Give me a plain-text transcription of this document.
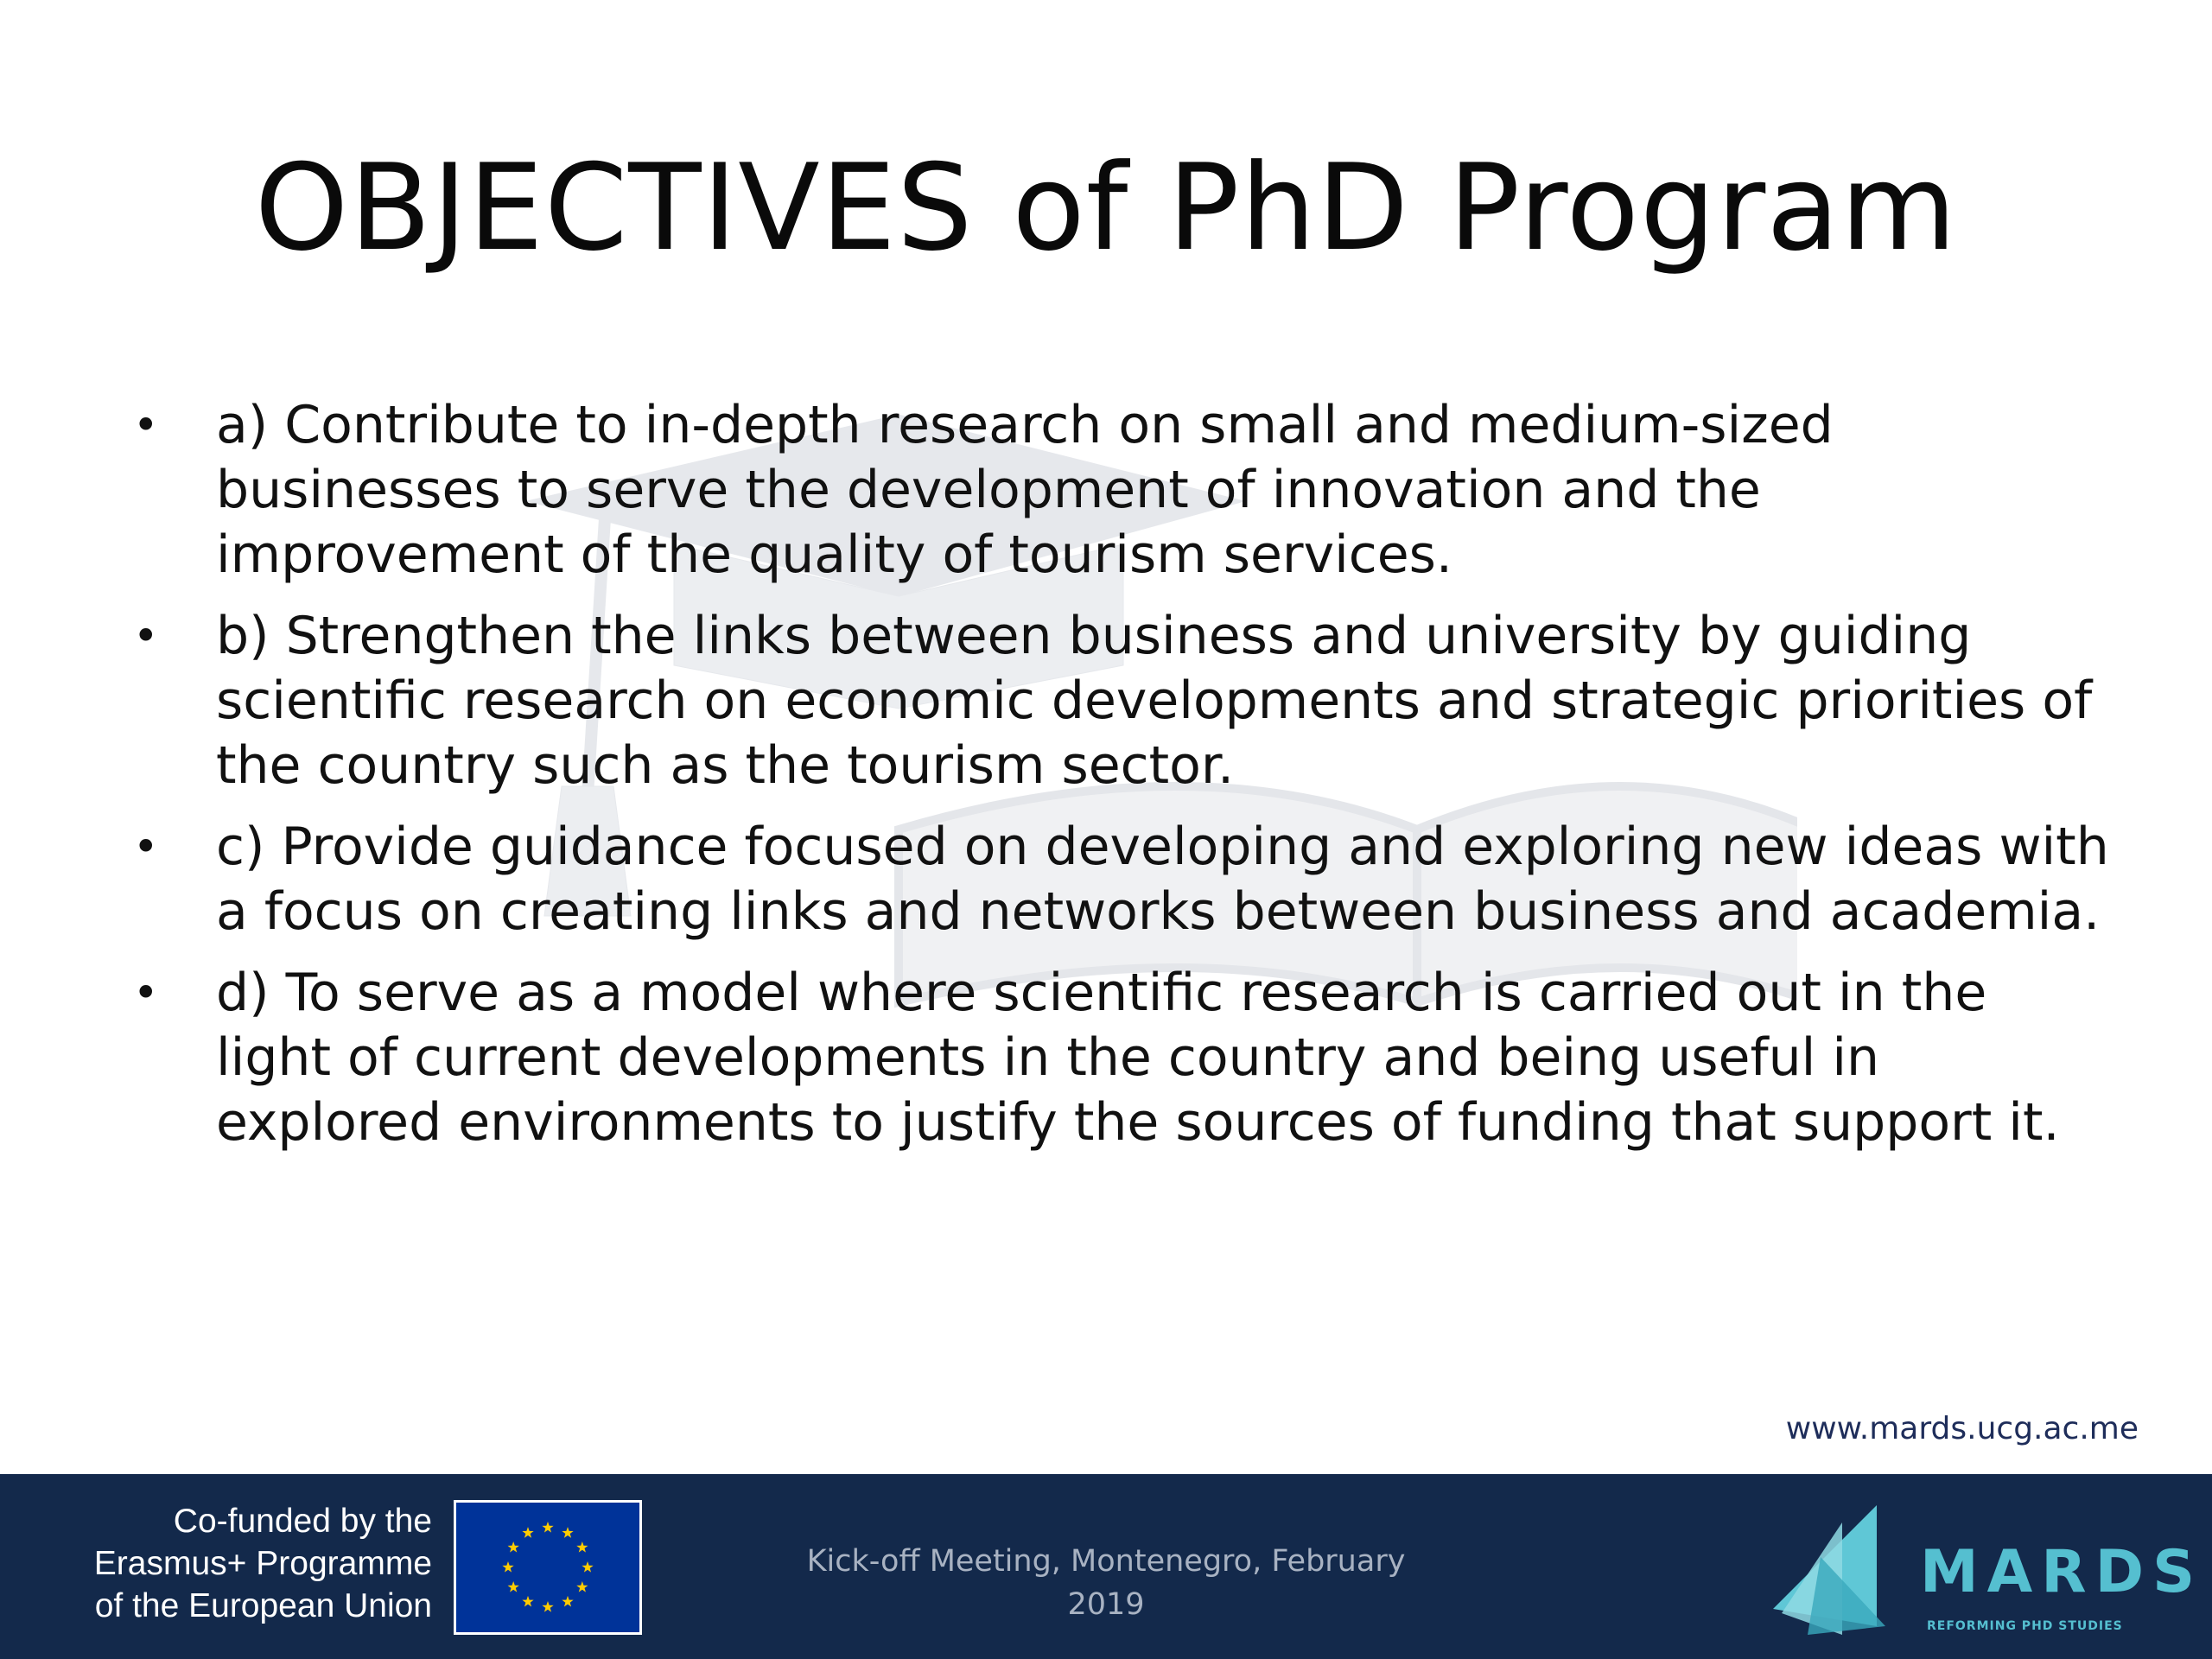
OBJECTIVES of PhD Program
• a) Contribute to in-depth research on small and medium-sized businesses to serve the development of innovation and the improvement of the quality of tourism services.
• b) Strengthen the links between business and university by guiding scientific research on economic developments and strategic priorities of the country such as the tourism sector.
• c) Provide guidance focused on developing and exploring new ideas with a focus on creating links and networks between business and academia.
• d) To serve as a model where scientific research is carried out in the light of current developments in the country and being useful in explored environments to justify the sources of funding that support it.
www.mards.ucg.ac.me
Co-funded by the
Erasmus+ Programme
of the European Union
Kick-off Meeting, Montenegro, February
2019	MARDS
REFORMING PHD STUDIES
